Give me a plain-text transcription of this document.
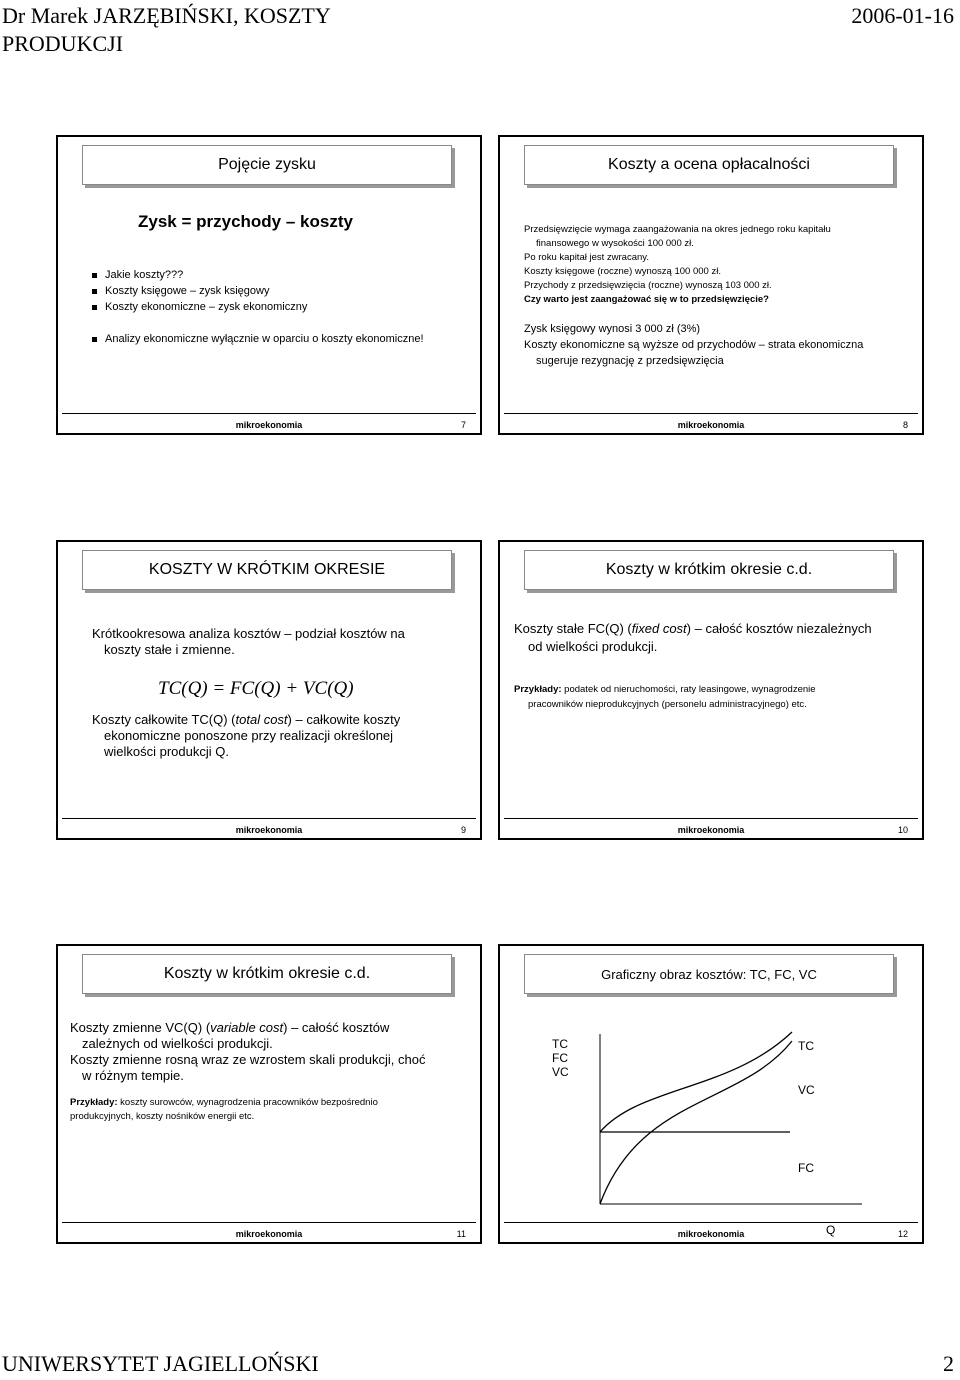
Dr Marek JARZĘBIŃSKI, KOSZTY
PRODUKCJI
2006-01-16
Pojęcie zysku
Zysk = przychody – koszty
Jakie koszty???
Koszty księgowe – zysk księgowy
Koszty ekonomiczne – zysk ekonomiczny
Analizy ekonomiczne wyłącznie w oparciu o koszty ekonomiczne!
mikroekonomia	7
Koszty a ocena opłacalności
Przedsięwzięcie wymaga zaangażowania na okres jednego roku kapitału
finansowego w wysokości 100 000 zł.
Po roku kapitał jest zwracany.
Koszty księgowe (roczne) wynoszą 100 000 zł.
Przychody z przedsięwzięcia (roczne) wynoszą 103 000 zł.
Czy warto jest zaangażować się w to przedsięwzięcie?
Zysk księgowy wynosi 3 000 zł (3%)
Koszty ekonomiczne są wyższe od przychodów – strata ekonomiczna
sugeruje rezygnację z przedsięwzięcia
mikroekonomia	8
KOSZTY W KRÓTKIM OKRESIE
Krótkookresowa analiza kosztów – podział kosztów na
koszty stałe i zmienne.
TC(Q) = FC(Q) + VC(Q)
Koszty całkowite TC(Q) (total cost) – całkowite koszty
ekonomiczne ponoszone przy realizacji określonej
wielkości produkcji Q.
mikroekonomia	9
Koszty w krótkim okresie c.d.
Koszty stałe FC(Q) (fixed cost) – całość kosztów niezależnych
od wielkości produkcji.
Przykłady: podatek od nieruchomości, raty leasingowe, wynagrodzenie
pracowników nieprodukcyjnych (personelu administracyjnego) etc.
mikroekonomia	10
Koszty w krótkim okresie c.d.
Koszty zmienne VC(Q) (variable cost) – całość kosztów
zależnych od wielkości produkcji.
Koszty zmienne rosną wraz ze wzrostem skali produkcji, choć
w różnym tempie.
Przykłady: koszty surowców, wynagrodzenia pracowników bezpośrednio
produkcyjnych, koszty nośników energii etc.
mikroekonomia	11
Graficzny obraz kosztów: TC, FC, VC
TC
FC
VC
TC
VC
FC
Q
mikroekonomia	12
UNIWERSYTET JAGIELLOŃSKI	2
